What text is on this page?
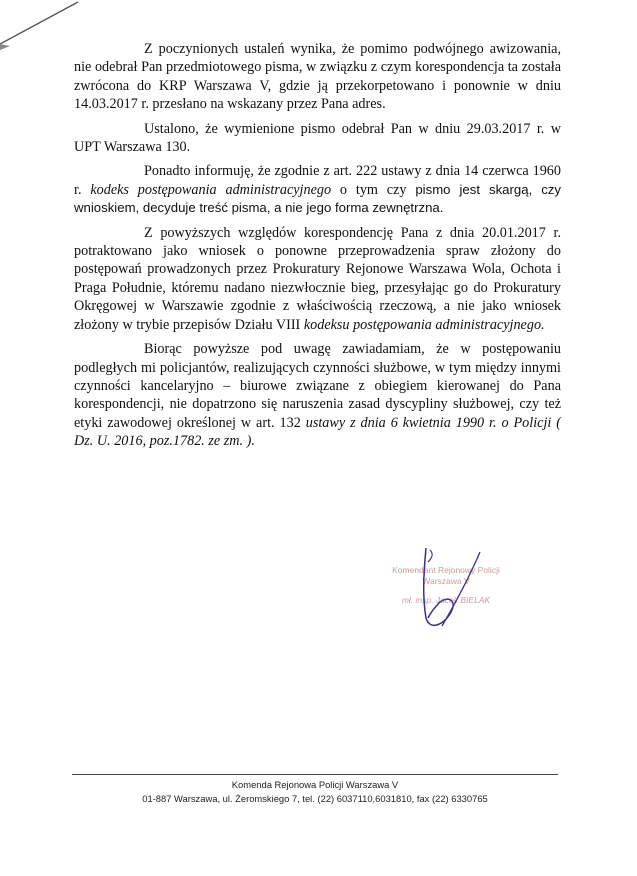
Z poczynionych ustaleń wynika, że pomimo podwójnego awizowania, nie odebrał Pan przedmiotowego pisma, w związku z czym korespondencja ta została zwrócona do KRP Warszawa V, gdzie ją przekorpetowano i ponownie w dniu 14.03.2017 r. przesłano na wskazany przez Pana adres.

Ustalono, że wymienione pismo odebrał Pan w dniu 29.03.2017 r. w UPT Warszawa 130.

Ponadto informuję, że zgodnie z art. 222 ustawy z dnia 14 czerwca 1960 r. kodeks postępowania administracyjnego o tym czy pismo jest skargą, czy wnioskiem, decyduje treść pisma, a nie jego forma zewnętrzna.

Z powyższych względów korespondencję Pana z dnia 20.01.2017 r. potraktowano jako wniosek o ponowne przeprowadzenia spraw złożony do postępowań prowadzonych przez Prokuratury Rejonowe Warszawa Wola, Ochota i Praga Południe, któremu nadano niezwłocznie bieg, przesyłając go do Prokuratury Okręgowej w Warszawie zgodnie z właściwością rzeczową, a nie jako wniosek złożony w trybie przepisów Działu VIII kodeksu postępowania administracyjnego.

Biorąc powyższe pod uwagę zawiadamiam, że w postępowaniu podległych mi policjantów, realizujących czynności służbowe, w tym między innymi czynności kancelaryjno – biurowe związane z obiegiem kierowanej do Pana korespondencji, nie dopatrzono się naruszenia zasad dyscypliny służbowej, czy też etyki zawodowej określonej w art. 132 ustawy z dnia 6 kwietnia 1990 r. o Policji ( Dz. U. 2016, poz.1782. ze zm. ).

Komendant Rejonowy Policji
Warszawa V
mł. insp. Jacek BIELAK
Komenda Rejonowa Policji Warszawa V
01-887 Warszawa, ul. Żeromskiego 7, tel. (22) 6037110,6031810, fax (22) 6330765
